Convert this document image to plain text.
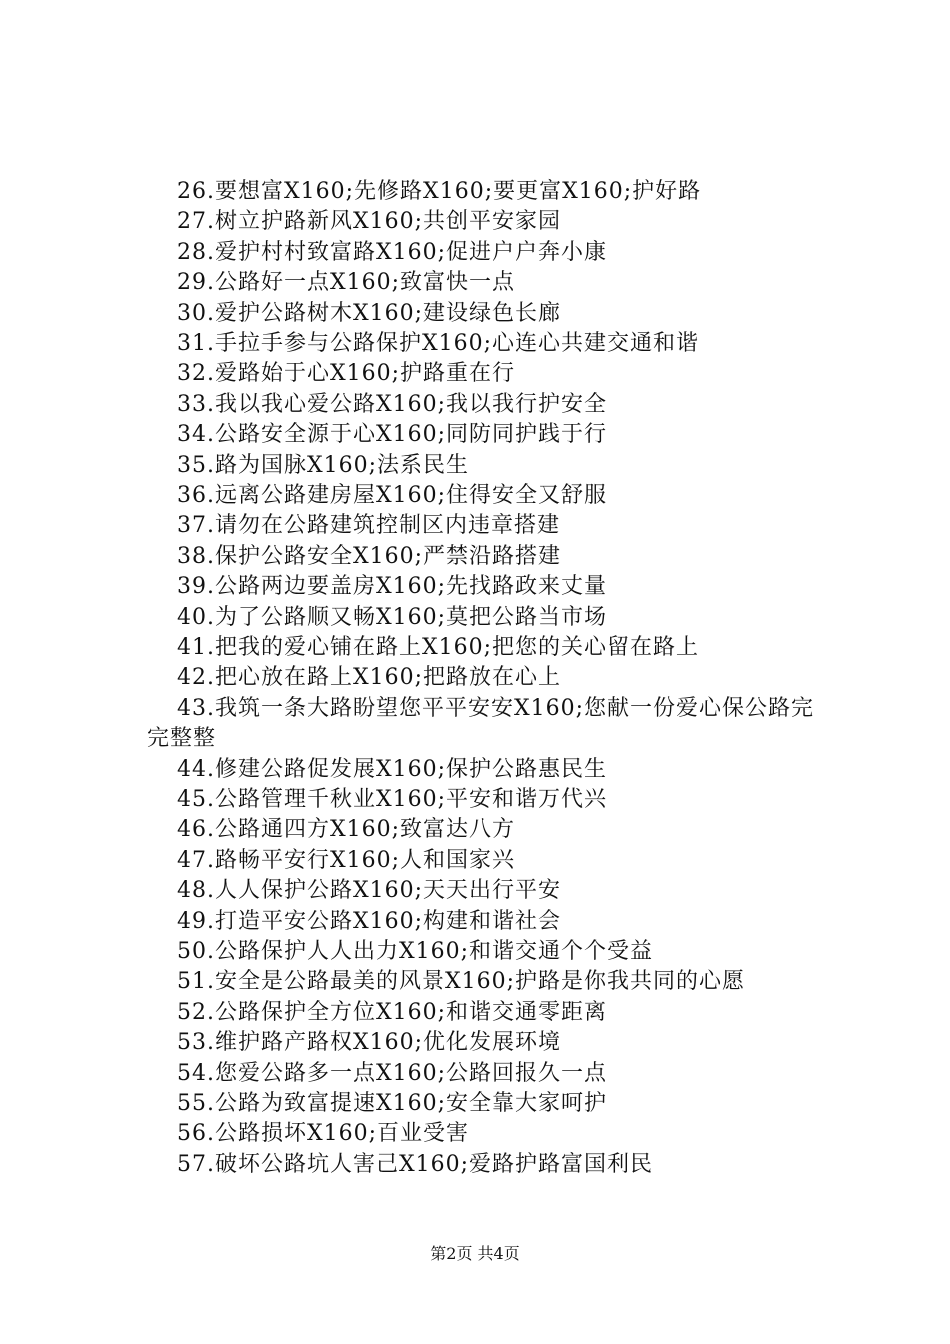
26.要想富X160;先修路X160;要更富X160;护好路
27.树立护路新风X160;共创平安家园
28.爱护村村致富路X160;促进户户奔小康
29.公路好一点X160;致富快一点
30.爱护公路树木X160;建设绿色长廊
31.手拉手参与公路保护X160;心连心共建交通和谐
32.爱路始于心X160;护路重在行
33.我以我心爱公路X160;我以我行护安全
34.公路安全源于心X160;同防同护践于行
35.路为国脉X160;法系民生
36.远离公路建房屋X160;住得安全又舒服
37.请勿在公路建筑控制区内违章搭建
38.保护公路安全X160;严禁沿路搭建
39.公路两边要盖房X160;先找路政来丈量
40.为了公路顺又畅X160;莫把公路当市场
41.把我的爱心铺在路上X160;把您的关心留在路上
42.把心放在路上X160;把路放在心上
43.我筑一条大路盼望您平平安安X160;您献一份爱心保公路完完整整
44.修建公路促发展X160;保护公路惠民生
45.公路管理千秋业X160;平安和谐万代兴
46.公路通四方X160;致富达八方
47.路畅平安行X160;人和国家兴
48.人人保护公路X160;天天出行平安
49.打造平安公路X160;构建和谐社会
50.公路保护人人出力X160;和谐交通个个受益
51.安全是公路最美的风景X160;护路是你我共同的心愿
52.公路保护全方位X160;和谐交通零距离
53.维护路产路权X160;优化发展环境
54.您爱公路多一点X160;公路回报久一点
55.公路为致富提速X160;安全靠大家呵护
56.公路损坏X160;百业受害
57.破坏公路坑人害己X160;爱路护路富国利民
第2页 共4页
